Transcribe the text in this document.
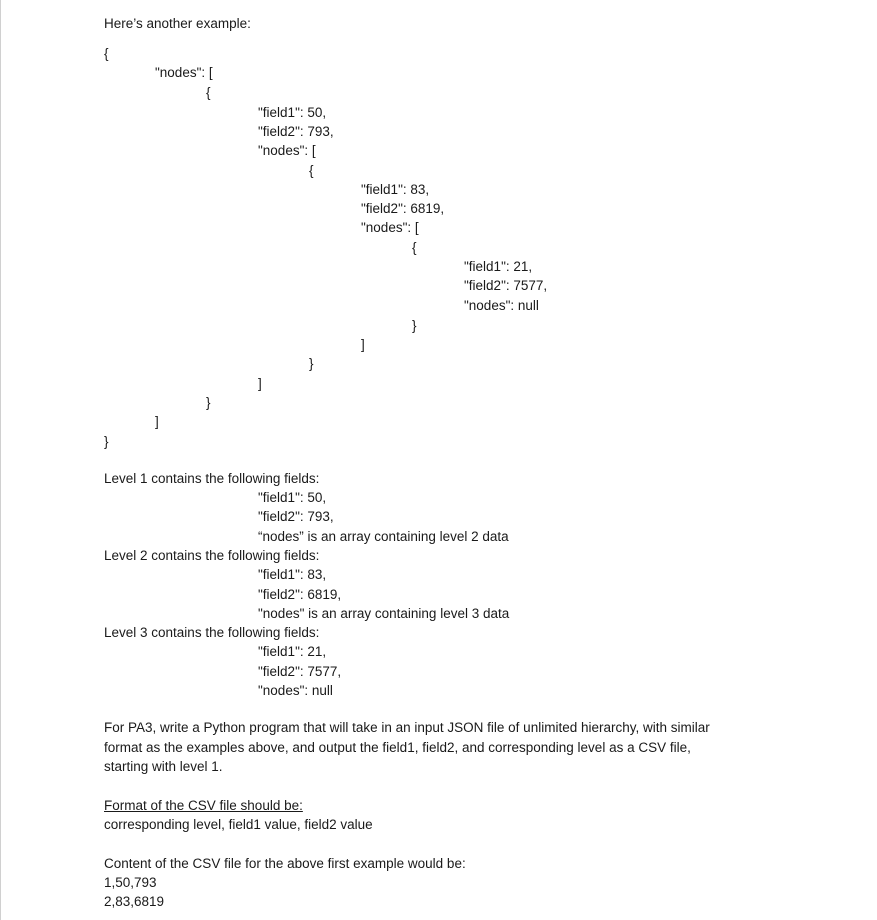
Here’s another example:
{
"nodes": [
{
"field1": 50,
"field2": 793,
"nodes": [
{
"field1": 83,
"field2": 6819,
"nodes": [
{
"field1": 21,
"field2": 7577,
"nodes": null
}
]
}
]
}
]
}
Level 1 contains the following fields:
"field1": 50,
"field2": 793,
“nodes” is an array containing level 2 data
Level 2 contains the following fields:
"field1": 83,
"field2": 6819,
"nodes" is an array containing level 3 data
Level 3 contains the following fields:
"field1": 21,
"field2": 7577,
"nodes": null
For PA3, write a Python program that will take in an input JSON file of unlimited hierarchy, with similar
format as the examples above, and output the field1, field2, and corresponding level as a CSV file,
starting with level 1.
Format of the CSV file should be:
corresponding level, field1 value, field2 value
Content of the CSV file for the above first example would be:
1,50,793
2,83,6819
